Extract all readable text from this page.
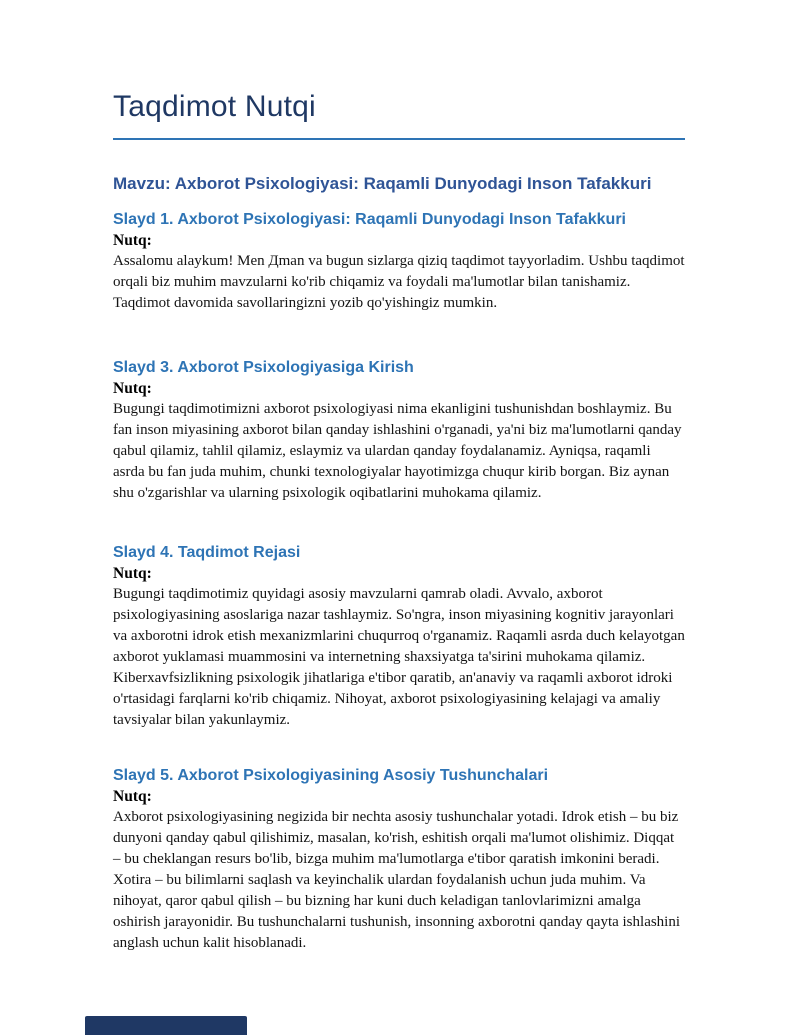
Taqdimot Nutqi
Mavzu: Axborot Psixologiyasi: Raqamli Dunyodagi Inson Tafakkuri
Slayd 1. Axborot Psixologiyasi: Raqamli Dunyodagi Inson Tafakkuri

Nutq:

Assalomu alaykum! Men Дman va bugun sizlarga qiziq taqdimot tayyorladim. Ushbu taqdimot orqali biz muhim mavzularni ko'rib chiqamiz va foydali ma'lumotlar bilan tanishamiz. Taqdimot davomida savollaringizni yozib qo'yishingiz mumkin.

Slayd 3. Axborot Psixologiyasiga Kirish

Nutq:

Bugungi taqdimotimizni axborot psixologiyasi nima ekanligini tushunishdan boshlaymiz. Bu fan inson miyasining axborot bilan qanday ishlashini o'rganadi, ya'ni biz ma'lumotlarni qanday qabul qilamiz, tahlil qilamiz, eslaymiz va ulardan qanday foydalanamiz. Ayniqsa, raqamli asrda bu fan juda muhim, chunki texnologiyalar hayotimizga chuqur kirib borgan. Biz aynan shu o'zgarishlar va ularning psixologik oqibatlarini muhokama qilamiz.

Slayd 4. Taqdimot Rejasi

Nutq:

Bugungi taqdimotimiz quyidagi asosiy mavzularni qamrab oladi. Avvalo, axborot psixologiyasining asoslariga nazar tashlaymiz. So'ngra, inson miyasining kognitiv jarayonlari va axborotni idrok etish mexanizmlarini chuqurroq o'rganamiz. Raqamli asrda duch kelayotgan axborot yuklamasi muammosini va internetning shaxsiyatga ta'sirini muhokama qilamiz. Kiberxavfsizlikning psixologik jihatlariga e'tibor qaratib, an'anaviy va raqamli axborot idroki o'rtasidagi farqlarni ko'rib chiqamiz. Nihoyat, axborot psixologiyasining kelajagi va amaliy tavsiyalar bilan yakunlaymiz.

Slayd 5. Axborot Psixologiyasining Asosiy Tushunchalari

Nutq:

Axborot psixologiyasining negizida bir nechta asosiy tushunchalar yotadi. Idrok etish – bu biz dunyoni qanday qabul qilishimiz, masalan, ko'rish, eshitish orqali ma'lumot olishimiz. Diqqat – bu cheklangan resurs bo'lib, bizga muhim ma'lumotlarga e'tibor qaratish imkonini beradi. Xotira – bu bilimlarni saqlash va keyinchalik ulardan foydalanish uchun juda muhim. Va nihoyat, qaror qabul qilish – bu bizning har kuni duch keladigan tanlovlarimizni amalga oshirish jarayonidir. Bu tushunchalarni tushunish, insonning axborotni qanday qayta ishlashini anglash uchun kalit hisoblanadi.
